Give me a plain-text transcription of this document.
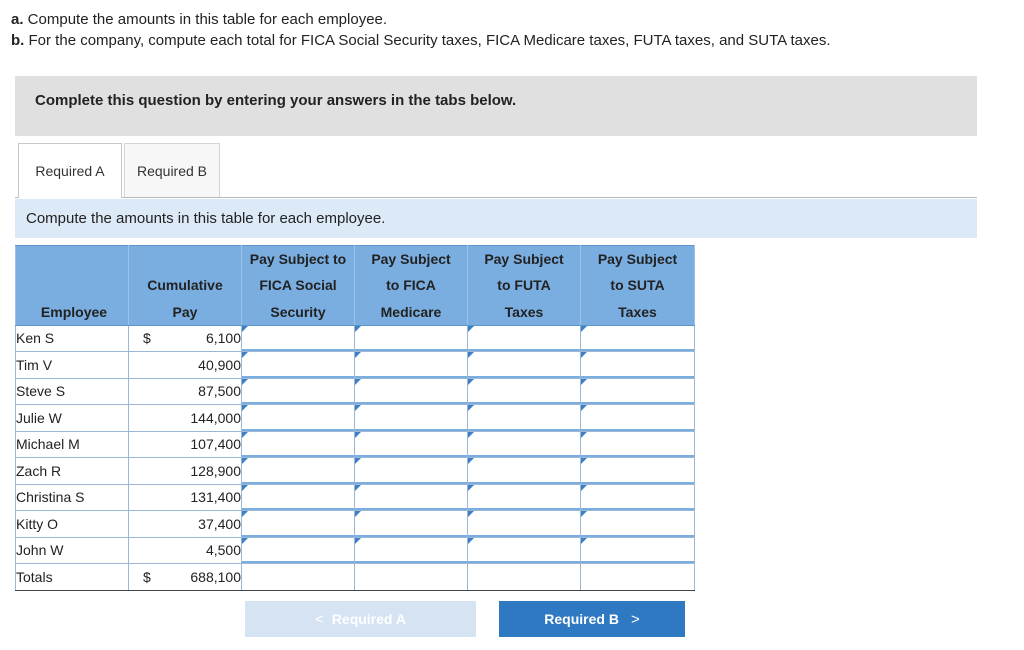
a. Compute the amounts in this table for each employee.
b. For the company, compute each total for FICA Social Security taxes, FICA Medicare taxes, FUTA taxes, and SUTA taxes.
Complete this question by entering your answers in the tabs below.
Required A	Required B
Compute the amounts in this table for each employee.
		Pay Subject to	Pay Subject	Pay Subject	Pay Subject
	Cumulative	FICA Social	to FICA	to FUTA	to SUTA
Employee	Pay	Security	Medicare	Taxes	Taxes
Ken S	$ 6,100				
Tim V	40,900				
Steve S	87,500				
Julie W	144,000				
Michael M	107,400				
Zach R	128,900				
Christina S	131,400				
Kitty O	37,400				
John W	4,500				
Totals	$ 688,100				
< Required A	Required B >
